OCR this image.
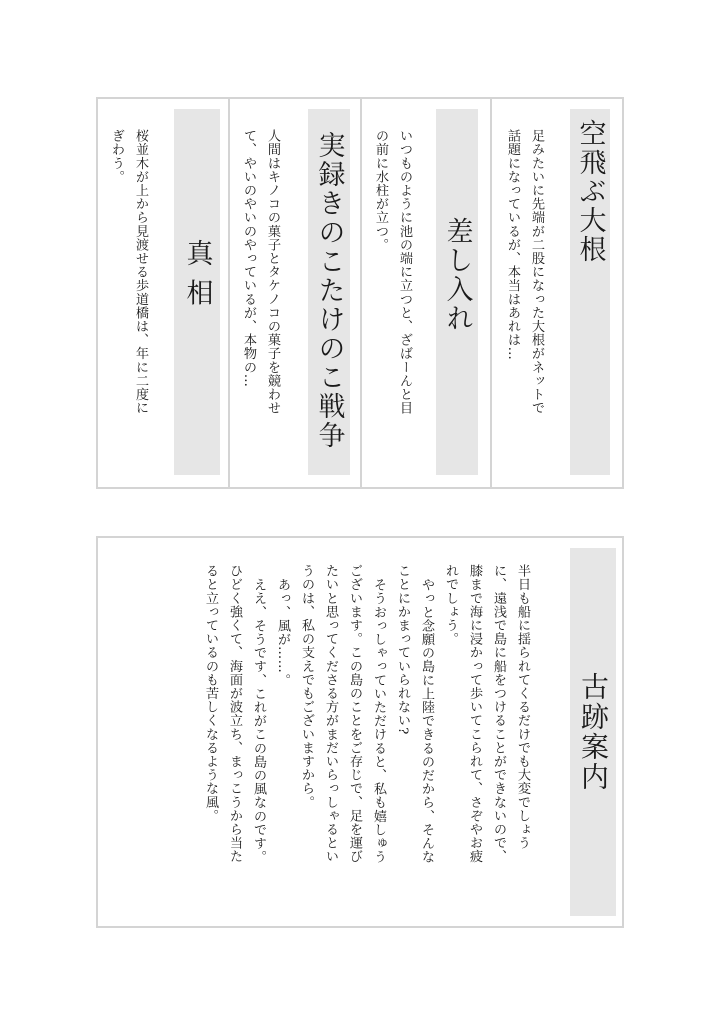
空飛ぶ大根
足みたいに先端が二股になった大根がネットで
話題になっているが、本当はあれは…
差し入れ
いつものように池の端に立つと、ざばーんと目
の前に水柱が立つ。
実録きのこたけのこ戦争
人間はキノコの菓子とタケノコの菓子を競わせ
て、やいのやいのやっているが、本物の…
真 相
桜並木が上から見渡せる歩道橋は、年に二度に
ぎわう。
古跡案内
半日も船に揺られてくるだけでも大変でしょう
に、遠浅で島に船をつけることができないので、
膝まで海に浸かって歩いてこられて、さぞやお疲
れでしょう。
やっと念願の島に上陸できるのだから、そんな
ことにかまっていられない?
そうおっしゃっていただけると、私も嬉しゅう
ございます。この島のことをご存じで、足を運び
たいと思ってくださる方がまだいらっしゃるとい
うのは、私の支えでもございますから。
あっ、風が……。
ええ、そうです、これがこの島の風なのです。
ひどく強くて、海面が波立ち、まっこうから当た
ると立っているのも苦しくなるような風。
